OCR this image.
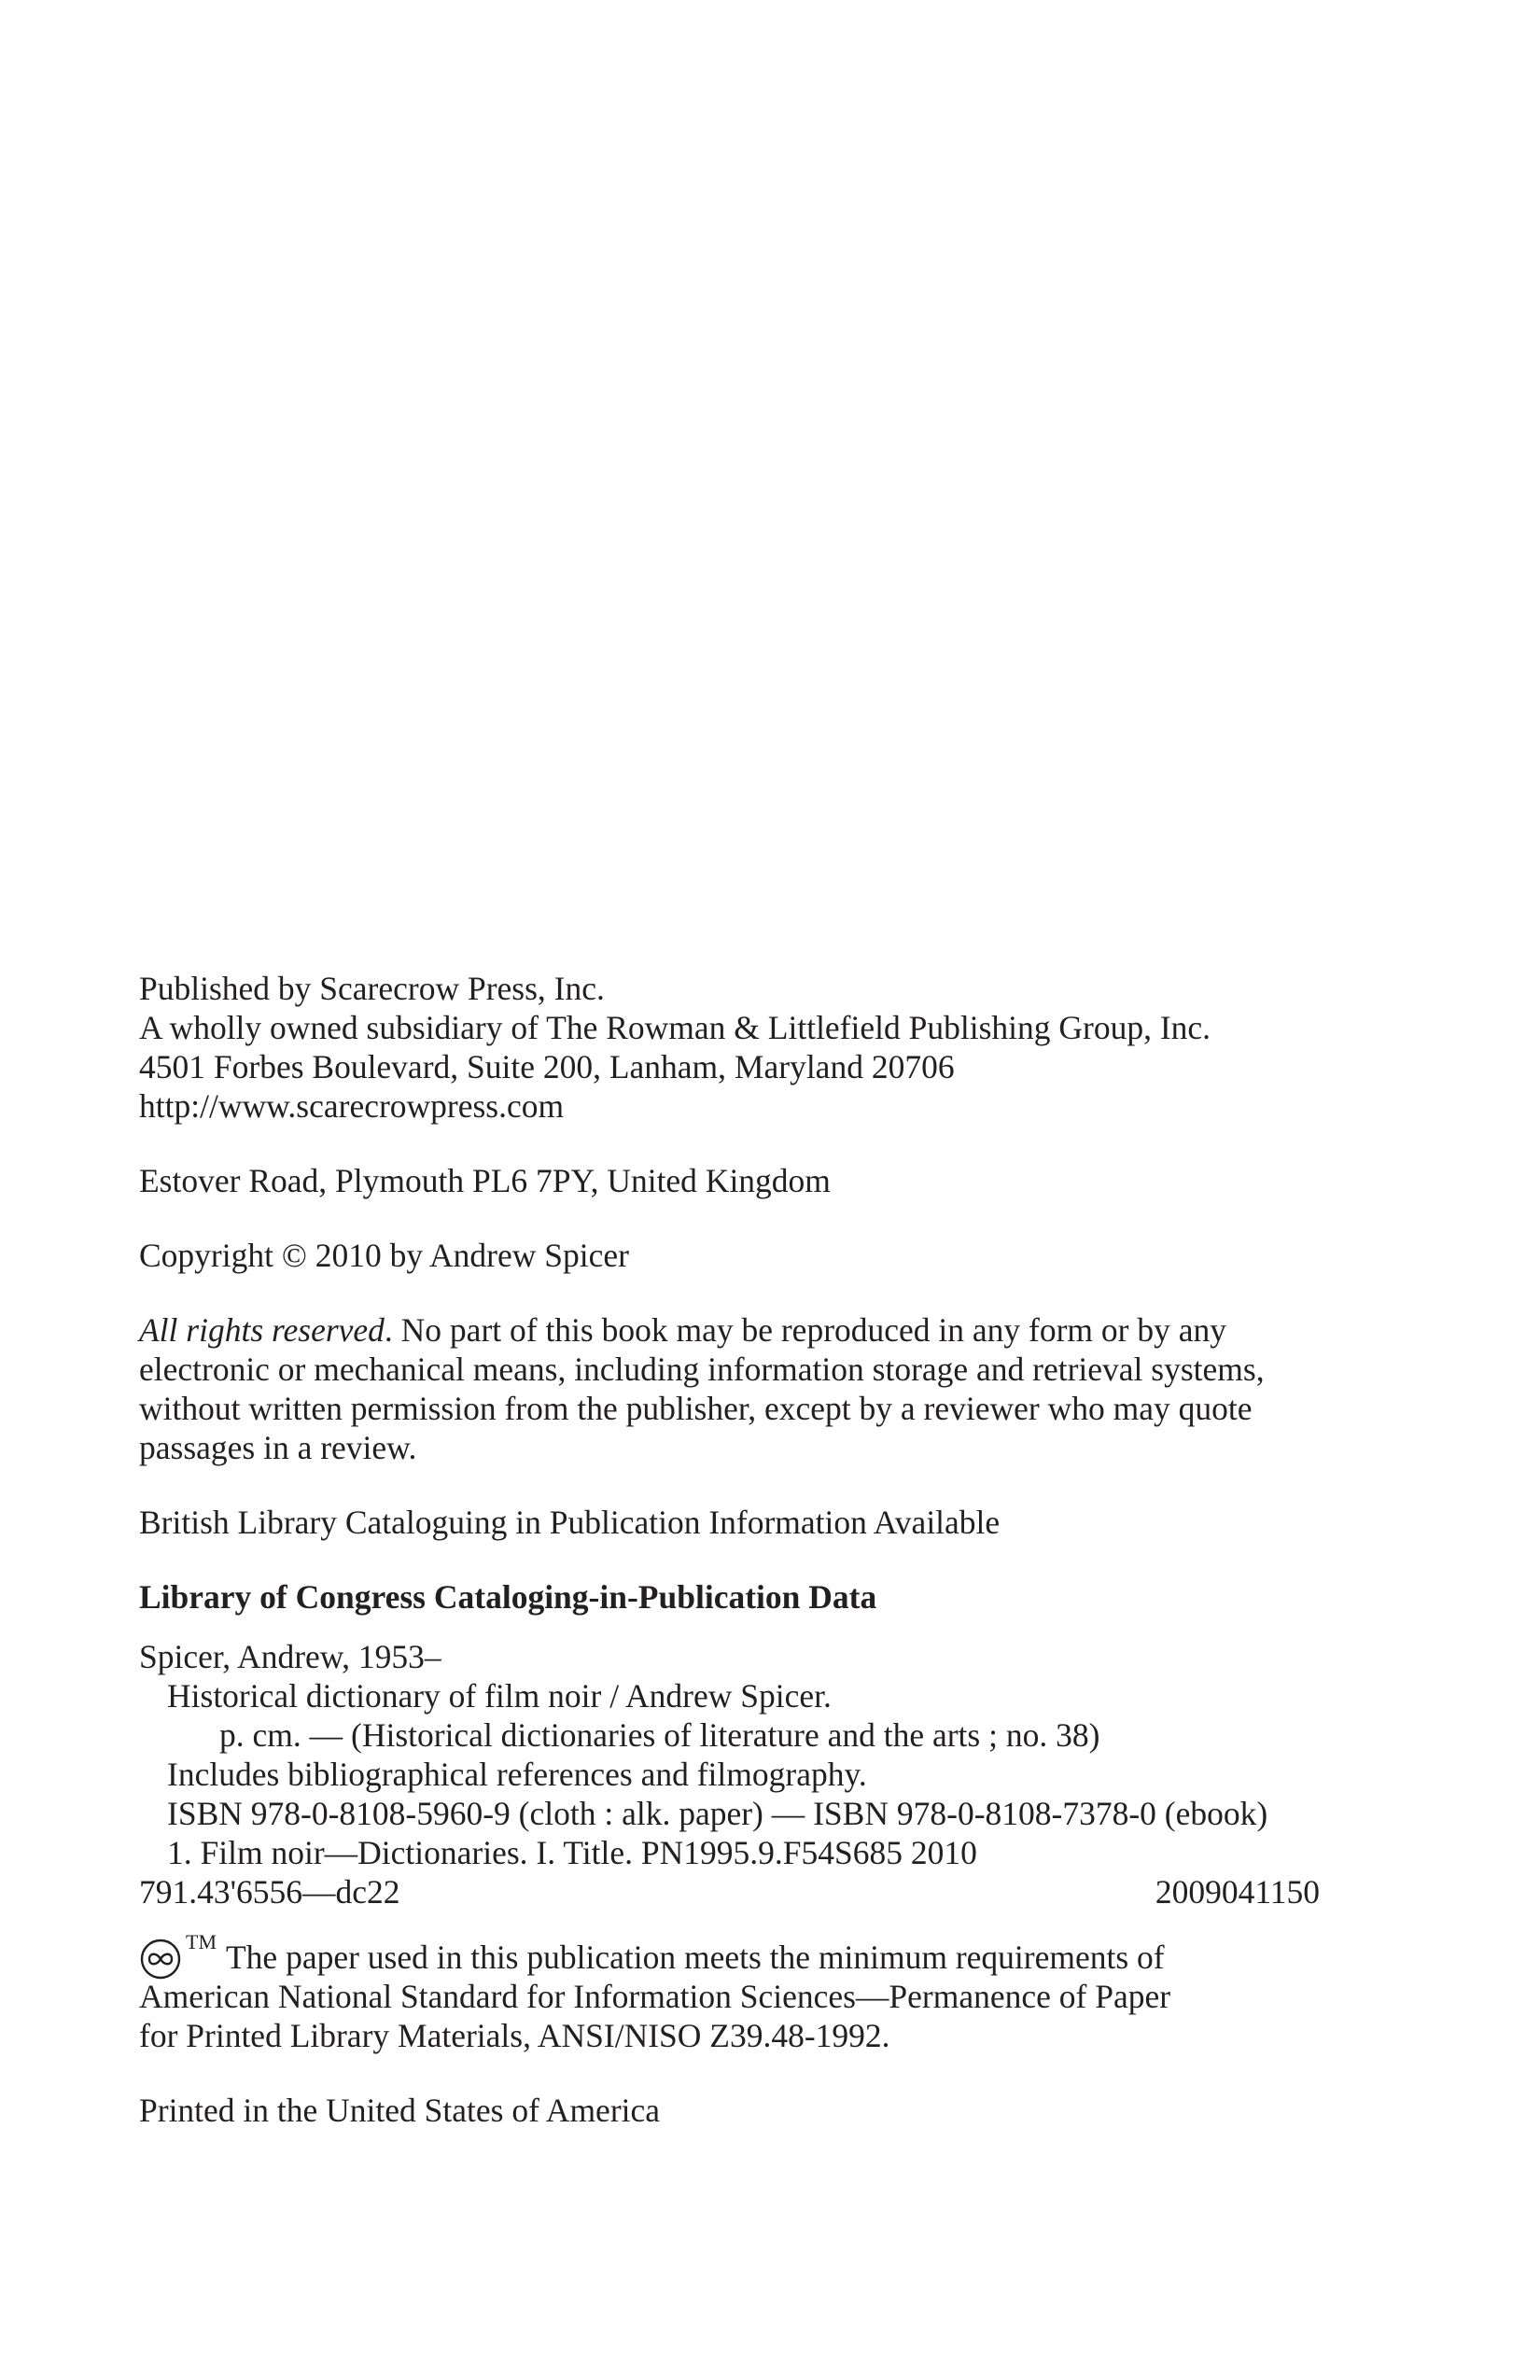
Published by Scarecrow Press, Inc.
A wholly owned subsidiary of The Rowman & Littlefield Publishing Group, Inc.
4501 Forbes Boulevard, Suite 200, Lanham, Maryland 20706
http://www.scarecrowpress.com
Estover Road, Plymouth PL6 7PY, United Kingdom
Copyright © 2010 by Andrew Spicer
All rights reserved. No part of this book may be reproduced in any form or by any
electronic or mechanical means, including information storage and retrieval systems,
without written permission from the publisher, except by a reviewer who may quote
passages in a review.
British Library Cataloguing in Publication Information Available
Library of Congress Cataloging-in-Publication Data
Spicer, Andrew, 1953–
Historical dictionary of film noir / Andrew Spicer.
p. cm. — (Historical dictionaries of literature and the arts ; no. 38)
Includes bibliographical references and filmography.
ISBN 978-0-8108-5960-9 (cloth : alk. paper) — ISBN 978-0-8108-7378-0 (ebook)
1. Film noir—Dictionaries. I. Title. PN1995.9.F54S685 2010
791.43'6556—dc22	2009041150
TM The paper used in this publication meets the minimum requirements of
American National Standard for Information Sciences—Permanence of Paper
for Printed Library Materials, ANSI/NISO Z39.48-1992.
Printed in the United States of America
